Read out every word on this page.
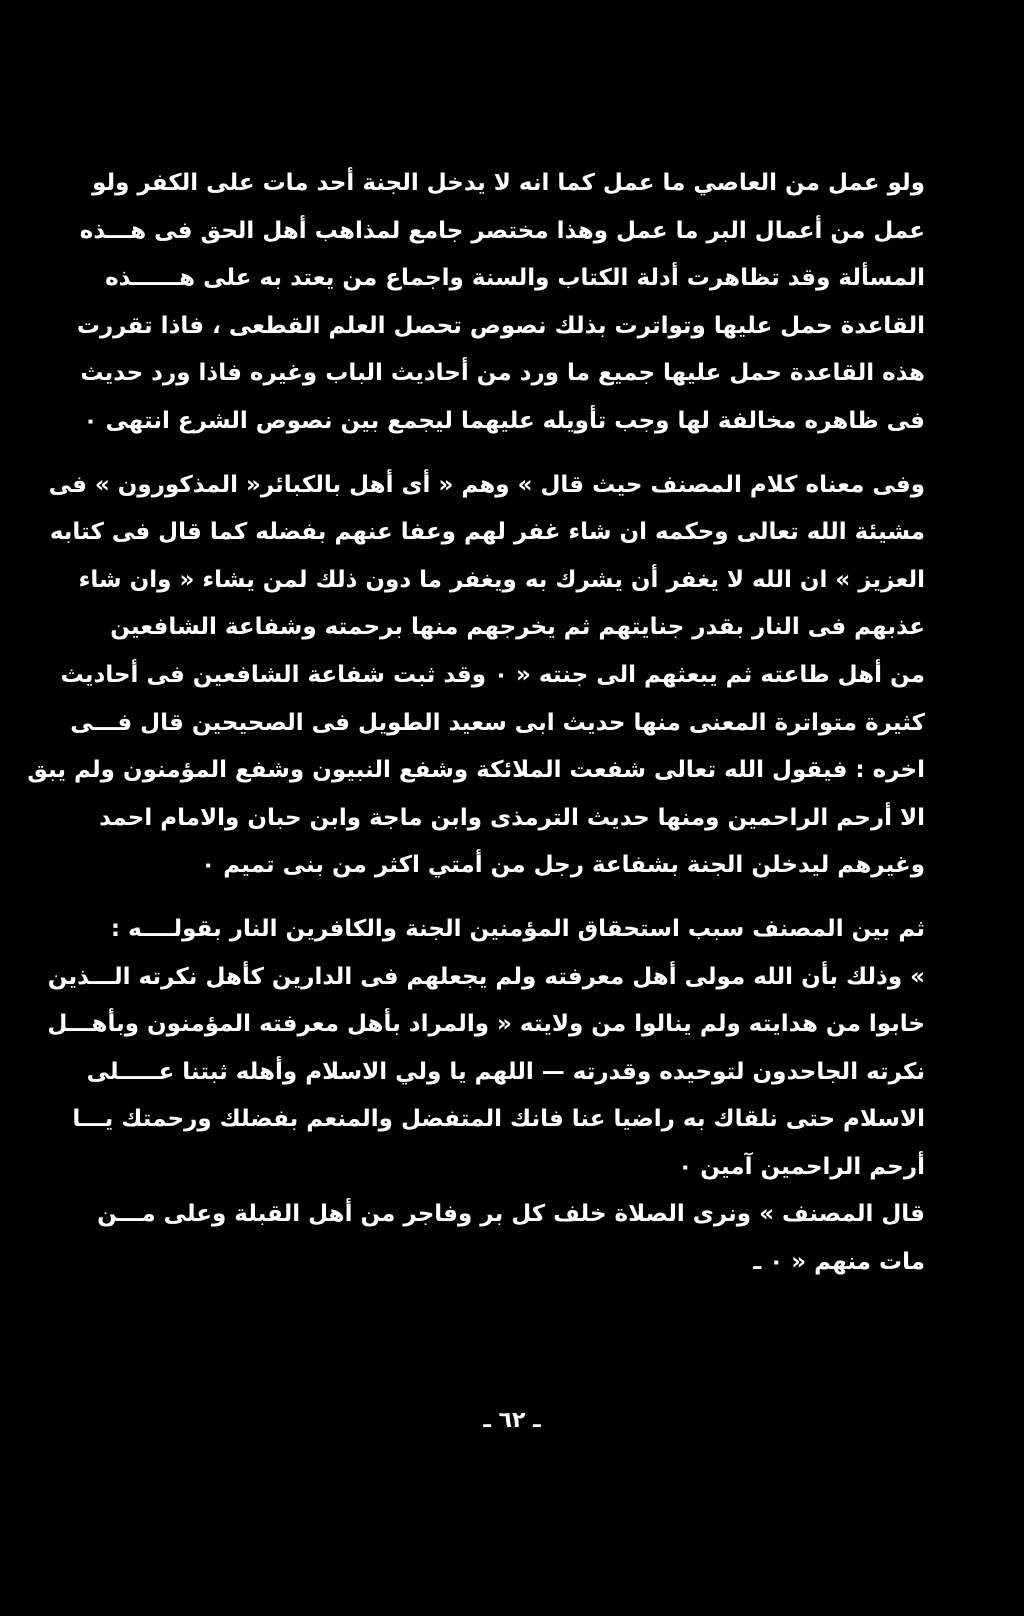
ولو عمل من العاصي ما عمل كما انه لا يدخل الجنة أحد مات على الكفر ولو
عمل من أعمال البر ما عمل وهذا مختصر جامع لمذاهب أهل الحق فى هـــذه
المسألة وقد تظاهرت أدلة الكتاب والسنة واجماع من يعتد به على هــــــذه
القاعدة حمل عليها وتواترت بذلك نصوص تحصل العلم القطعى ، فاذا تقررت
هذه القاعدة حمل عليها جميع ما ورد من أحاديث الباب وغيره فاذا ورد حديث
فى ظاهره مخالفة لها وجب تأويله عليهما ليجمع بين نصوص الشرع انتهى ٠
وفى معناه كلام المصنف حيث قال » وهم « أى أهل بالكبائر« المذكورون » فى
مشيئة الله تعالى وحكمه ان شاء غفر لهم وعفا عنهم بفضله كما قال فى كتابه
العزيز » ان الله لا يغفر أن يشرك به ويغفر ما دون ذلك لمن يشاء « وان شاء
عذبهم فى النار بقدر جنايتهم ثم يخرجهم منها برحمته وشفاعة الشافعين
من أهل طاعته ثم يبعثهم الى جنته « ٠ وقد ثبت شفاعة الشافعين فى أحاديث
كثيرة متواترة المعنى منها حديث ابى سعيد الطويل فى الصحيحين قال فـــى
اخره : فيقول الله تعالى شفعت الملائكة وشفع النبيون وشفع المؤمنون ولم يبق
الا أرحم الراحمين ومنها حديث الترمذى وابن ماجة وابن حبان والامام احمد
وغيرهم ليدخلن الجنة بشفاعة رجل من أمتي اكثر من بنى تميم ٠
ثم بين المصنف سبب استحقاق المؤمنين الجنة والكافرين النار بقولــــه :
» وذلك بأن الله مولى أهل معرفته ولم يجعلهم فى الدارين كأهل نكرته الـــذين
خابوا من هدايته ولم ينالوا من ولايته « والمراد بأهل معرفته المؤمنون وبأهـــل
نكرته الجاحدون لتوحيده وقدرته — اللهم يا ولي الاسلام وأهله ثبتنا عـــــلى
الاسلام حتى نلقاك به راضيا عنا فانك المتفضل والمنعم بفضلك ورحمتك يـــا
أرحم الراحمين آمين ٠
قال المصنف » ونرى الصلاة خلف كل بر وفاجر من أهل القبلة وعلى مـــن
مات منهم « ٠ ـ
ـ ٦٢ ـ
